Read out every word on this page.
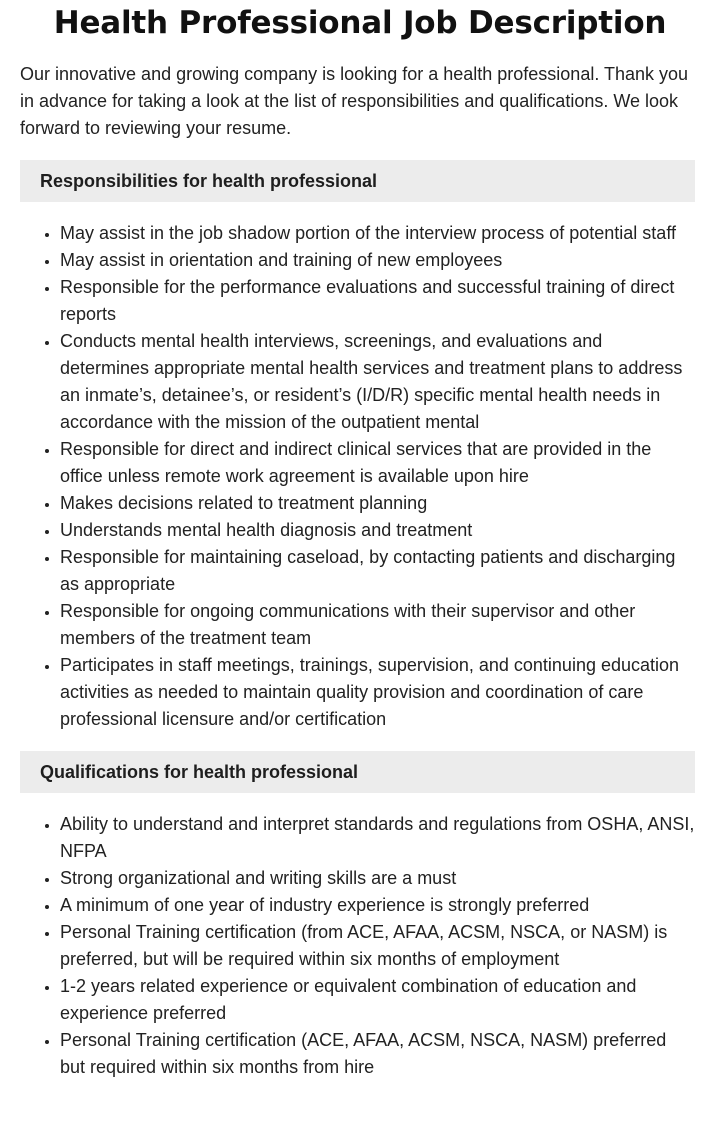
Health Professional Job Description

Our innovative and growing company is looking for a health professional. Thank you in advance for taking a look at the list of responsibilities and qualifications. We look forward to reviewing your resume.

Responsibilities for health professional
• May assist in the job shadow portion of the interview process of potential staff
• May assist in orientation and training of new employees
• Responsible for the performance evaluations and successful training of direct reports
• Conducts mental health interviews, screenings, and evaluations and determines appropriate mental health services and treatment plans to address an inmate’s, detainee’s, or resident’s (I/D/R) specific mental health needs in accordance with the mission of the outpatient mental
• Responsible for direct and indirect clinical services that are provided in the office unless remote work agreement is available upon hire
• Makes decisions related to treatment planning
• Understands mental health diagnosis and treatment
• Responsible for maintaining caseload, by contacting patients and discharging as appropriate
• Responsible for ongoing communications with their supervisor and other members of the treatment team
• Participates in staff meetings, trainings, supervision, and continuing education activities as needed to maintain quality provision and coordination of care professional licensure and/or certification
Qualifications for health professional
• Ability to understand and interpret standards and regulations from OSHA, ANSI, NFPA
• Strong organizational and writing skills are a must
• A minimum of one year of industry experience is strongly preferred
• Personal Training certification (from ACE, AFAA, ACSM, NSCA, or NASM) is preferred, but will be required within six months of employment
• 1-2 years related experience or equivalent combination of education and experience preferred
• Personal Training certification (ACE, AFAA, ACSM, NSCA, NASM) preferred but required within six months from hire
